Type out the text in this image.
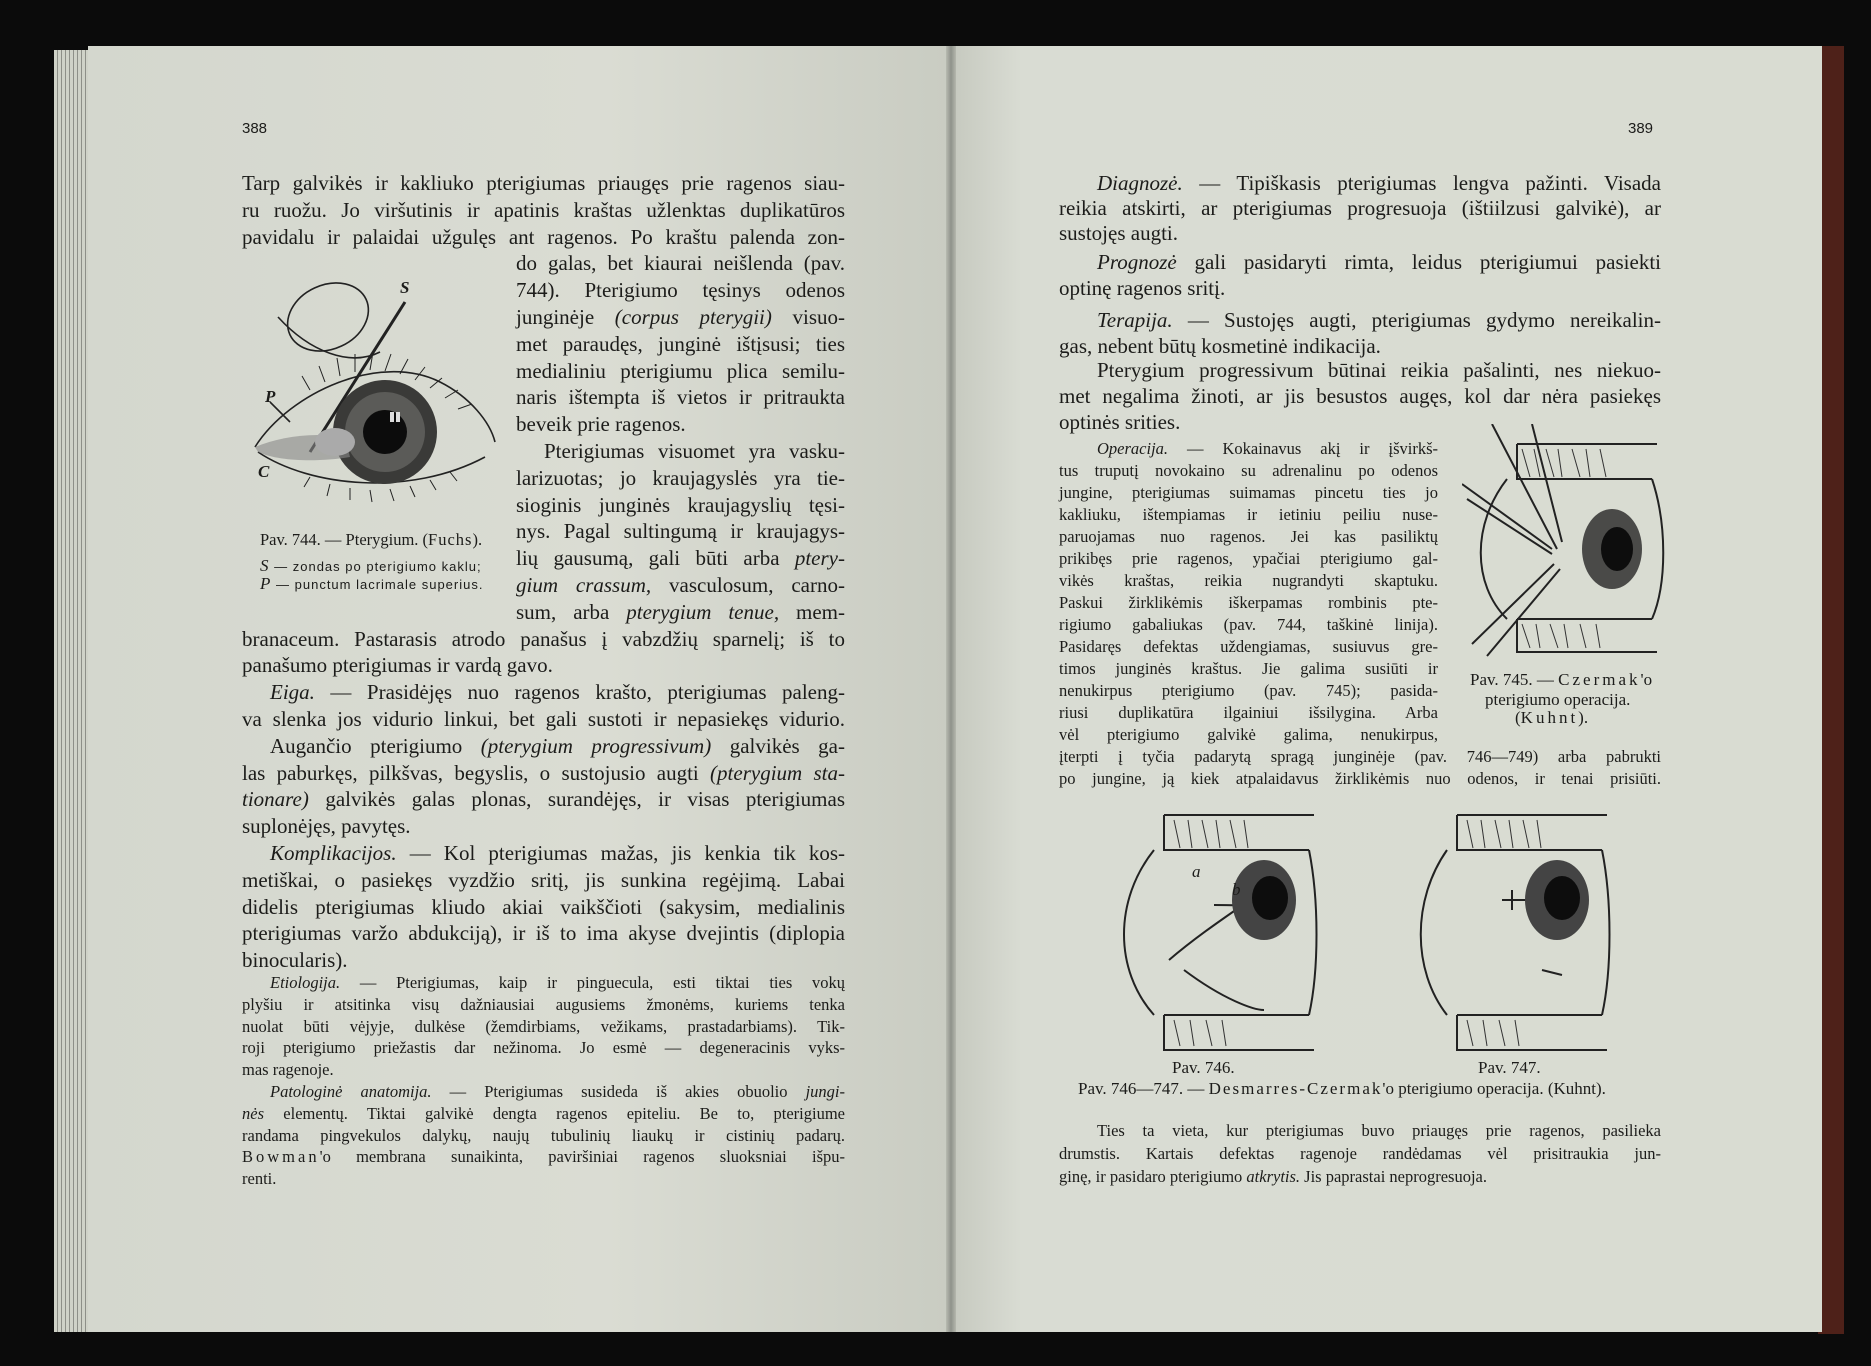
388	389
Tarp galvikės ir kakliuko pterigiumas priaugęs prie ragenos siau-
ru ruožu. Jo viršutinis ir apatinis kraštas užlenktas duplikatūros
pavidalu ir palaidai užgulęs ant ragenos. Po kraštu palenda zon-
do galas, bet kiaurai neišlenda (pav.
744). Pterigiumo tęsinys odenos
junginėje (corpus pterygii) visuo-
met paraudęs, junginė ištįsusi; ties
medialiniu pterigiumu plica semilu-
naris ištempta iš vietos ir pritraukta
beveik prie ragenos.
Pterigiumas visuomet yra vasku-
larizuotas; jo kraujagyslės yra tie-
sioginis junginės kraujagyslių tęsi-
nys. Pagal sultingumą ir kraujagys-
lių gausumą, gali būti arba ptery-
gium crassum, vasculosum, carno-
sum, arba pterygium tenue, mem-
branaceum. Pastarasis atrodo panašus į vabzdžių sparnelį; iš to
panašumo pterigiumas ir vardą gavo.
Eiga. — Prasidėjęs nuo ragenos krašto, pterigiumas paleng-
va slenka jos vidurio linkui, bet gali sustoti ir nepasiekęs vidurio.
Augančio pterigiumo (pterygium progressivum) galvikės ga-
las paburkęs, pilkšvas, begyslis, o sustojusio augti (pterygium sta-
tionare) galvikės galas plonas, surandėjęs, ir visas pterigiumas
suplonėjęs, pavytęs.
Komplikacijos. — Kol pterigiumas mažas, jis kenkia tik kos-
metiškai, o pasiekęs vyzdžio sritį, jis sunkina regėjimą. Labai
didelis pterigiumas kliudo akiai vaikščioti (sakysim, medialinis
pterigiumas varžo abdukciją), ir iš to ima akyse dvejintis (diplopia
binocularis).
Etiologija. — Pterigiumas, kaip ir pinguecula, esti tiktai ties vokų
plyšiu ir atsitinka visų dažniausiai augusiems žmonėms, kuriems tenka
nuolat būti vėjyje, dulkėse (žemdirbiams, vežikams, prastadarbiams). Tik-
roji pterigiumo priežastis dar nežinoma. Jo esmė — degeneracinis vyks-
mas ragenoje.
Patologinė anatomija. — Pterigiumas susideda iš akies obuolio jungi-
nės elementų. Tiktai galvikė dengta ragenos epiteliu. Be to, pterigiume
randama pingvekulos dalykų, naujų tubulinių liaukų ir cistinių padarų.
Bowman'o membrana sunaikinta, paviršiniai ragenos sluoksniai išpu-
renti.
Diagnozė. — Tipiškasis pterigiumas lengva pažinti. Visada
reikia atskirti, ar pterigiumas progresuoja (ištiilzusi galvikė), ar
sustojęs augti.
Prognozė gali pasidaryti rimta, leidus pterigiumui pasiekti
optinę ragenos sritį.
Terapija. — Sustojęs augti, pterigiumas gydymo nereikalin-
gas, nebent būtų kosmetinė indikacija.
Pterygium progressivum būtinai reikia pašalinti, nes niekuo-
met negalima žinoti, ar jis besustos augęs, kol dar nėra pasiekęs
optinės srities.
Operacija. — Kokainavus akį ir įšvirkš-
tus truputį novokaino su adrenalinu po odenos
jungine, pterigiumas suimamas pincetu ties jo
kakliuku, ištempiamas ir ietiniu peiliu nuse-
paruojamas nuo ragenos. Jei kas pasiliktų
prikibęs prie ragenos, ypačiai pterigiumo gal-
vikės kraštas, reikia nugrandyti skaptuku.
Paskui žirklikėmis iškerpamas rombinis pte-
rigiumo gabaliukas (pav. 744, taškinė linija).
Pasidaręs defektas uždengiamas, susiuvus gre-
timos junginės kraštus. Jie galima susiūti ir
nenukirpus pterigiumo (pav. 745); pasida-
riusi duplikatūra ilgainiui išsilygina. Arba
vėl pterigiumo galvikė galima, nenukirpus,
įterpti į tyčia padarytą spragą junginėje (pav. 746—749) arba pabrukti
po jungine, ją kiek atpalaidavus žirklikėmis nuo odenos, ir tenai prisiūti.
Ties ta vieta, kur pterigiumas buvo priaugęs prie ragenos, pasilieka
drumstis. Kartais defektas ragenoje randėdamas vėl prisitraukia jun-
ginę, ir pasidaro pterigiumo atkrytis. Jis paprastai neprogresuoja.
S
P
C
Pav. 744. — Pterygium. (Fuchs).
S — zondas po pterigiumo kaklu;
P — punctum lacrimale superius.
Pav. 745. — Czermak'o
pterigiumo operacija.
(Kuhnt).
a
b
Pav. 746.	Pav. 747.
Pav. 746—747. — Desmarres-Czermak'o pterigiumo operacija. (Kuhnt).
